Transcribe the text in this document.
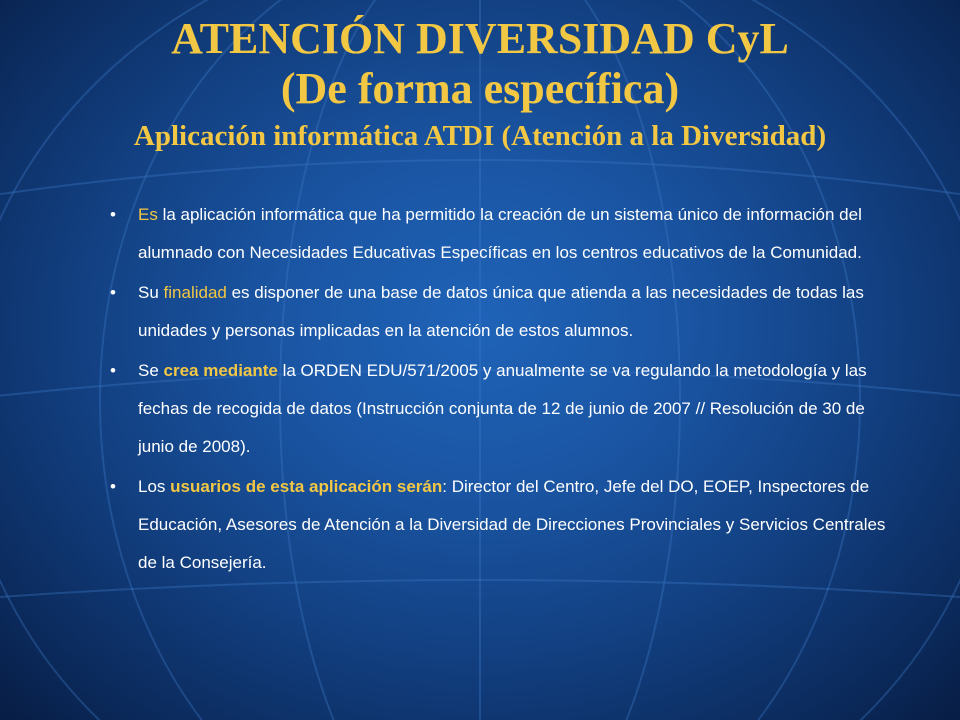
ATENCIÓN DIVERSIDAD CyL
(De forma específica)
Aplicación informática ATDI (Atención a la Diversidad)
• Es la aplicación informática que ha permitido la creación de un sistema único de información del alumnado con Necesidades Educativas Específicas en los centros educativos de la Comunidad.
• Su finalidad es disponer de una base de datos única que atienda a las necesidades de todas las unidades y personas implicadas en la atención de estos alumnos.
• Se crea mediante la ORDEN EDU/571/2005 y anualmente se va regulando la metodología y las fechas de recogida de datos (Instrucción conjunta de 12 de junio de 2007 // Resolución de 30 de junio de 2008).
• Los usuarios de esta aplicación serán: Director del Centro, Jefe del DO, EOEP, Inspectores de Educación, Asesores de Atención a la Diversidad de Direcciones Provinciales y Servicios Centrales de la Consejería.
